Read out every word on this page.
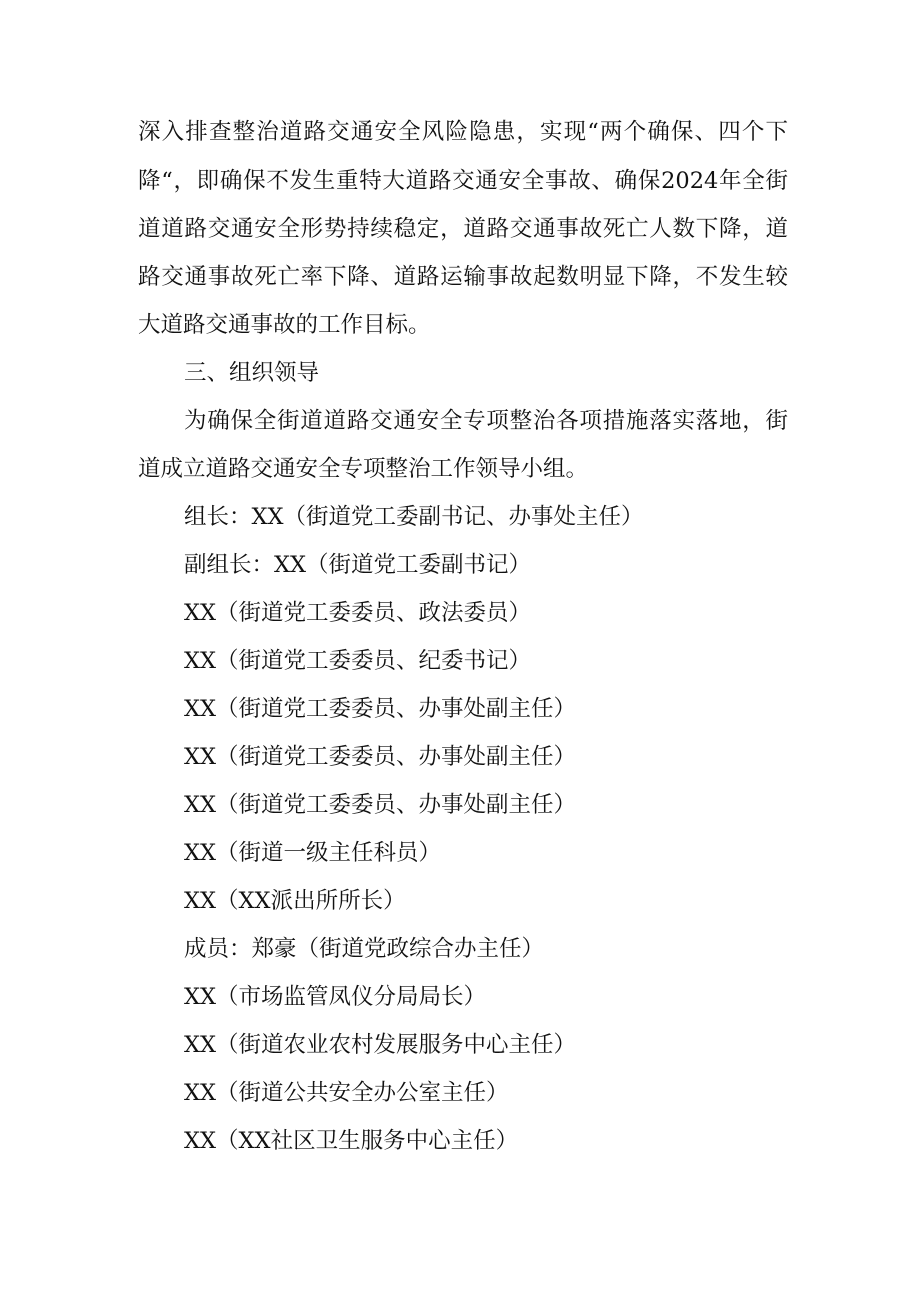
深入排查整治道路交通安全风险隐患，实现“两个确保、四个下
降“，即确保不发生重特大道路交通安全事故、确保2024年全街
道道路交通安全形势持续稳定，道路交通事故死亡人数下降，道
路交通事故死亡率下降、道路运输事故起数明显下降，不发生较
大道路交通事故的工作目标。
三、组织领导
为确保全街道道路交通安全专项整治各项措施落实落地，街
道成立道路交通安全专项整治工作领导小组。
组长：XX（街道党工委副书记、办事处主任）
副组长：XX（街道党工委副书记）
XX（街道党工委委员、政法委员）
XX（街道党工委委员、纪委书记）
XX（街道党工委委员、办事处副主任）
XX（街道党工委委员、办事处副主任）
XX（街道党工委委员、办事处副主任）
XX（街道一级主任科员）
XX（XX派出所所长）
成员：郑豪（街道党政综合办主任）
XX（市场监管凤仪分局局长）
XX（街道农业农村发展服务中心主任）
XX（街道公共安全办公室主任）
XX（XX社区卫生服务中心主任）
